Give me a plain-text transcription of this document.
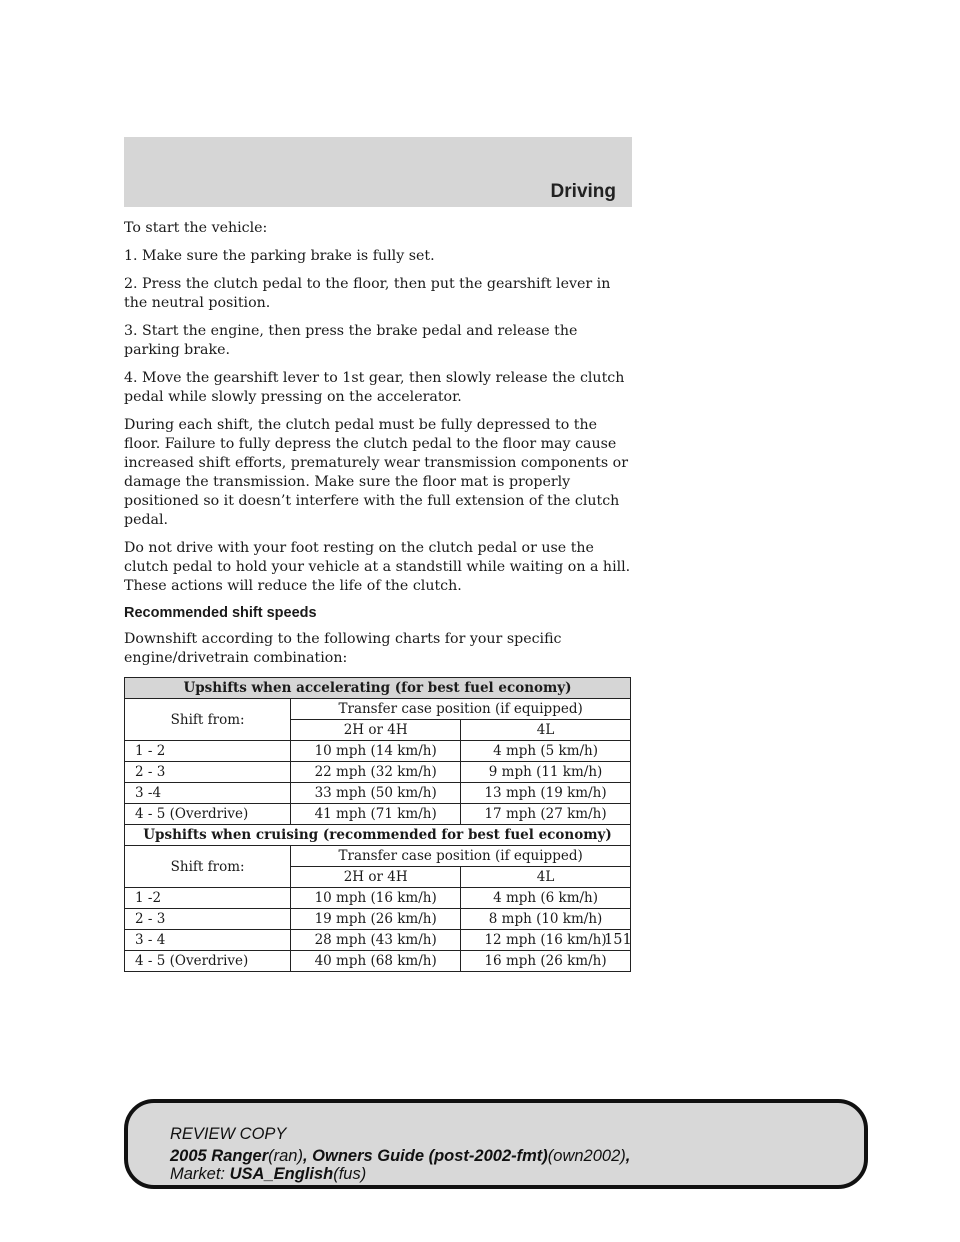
Driving

To start the vehicle:

1. Make sure the parking brake is fully set.

2. Press the clutch pedal to the floor, then put the gearshift lever in the neutral position.

3. Start the engine, then press the brake pedal and release the parking brake.

4. Move the gearshift lever to 1st gear, then slowly release the clutch pedal while slowly pressing on the accelerator.

During each shift, the clutch pedal must be fully depressed to the floor. Failure to fully depress the clutch pedal to the floor may cause increased shift efforts, prematurely wear transmission components or damage the transmission. Make sure the floor mat is properly positioned so it doesn’t interfere with the full extension of the clutch pedal.

Do not drive with your foot resting on the clutch pedal or use the clutch pedal to hold your vehicle at a standstill while waiting on a hill. These actions will reduce the life of the clutch.

Recommended shift speeds

Downshift according to the following charts for your specific engine/drivetrain combination:

Upshifts when accelerating (for best fuel economy)		
Shift from:	Transfer case position (if equipped)	
	2H or 4H	4L
1 - 2	10 mph (14 km/h)	4 mph (5 km/h)
2 - 3	22 mph (32 km/h)	9 mph (11 km/h)
3 -4	33 mph (50 km/h)	13 mph (19 km/h)
4 - 5 (Overdrive)	41 mph (71 km/h)	17 mph (27 km/h)
Upshifts when cruising (recommended for best fuel economy)		
Shift from:	Transfer case position (if equipped)	
	2H or 4H	4L
1 -2	10 mph (16 km/h)	4 mph (6 km/h)
2 - 3	19 mph (26 km/h)	8 mph (10 km/h)
3 - 4	28 mph (43 km/h)	12 mph (16 km/h)
4 - 5 (Overdrive)	40 mph (68 km/h)	16 mph (26 km/h)
151
REVIEW COPY
2005 Ranger(ran), Owners Guide (post-2002-fmt)(own2002),
Market: USA_English(fus)
